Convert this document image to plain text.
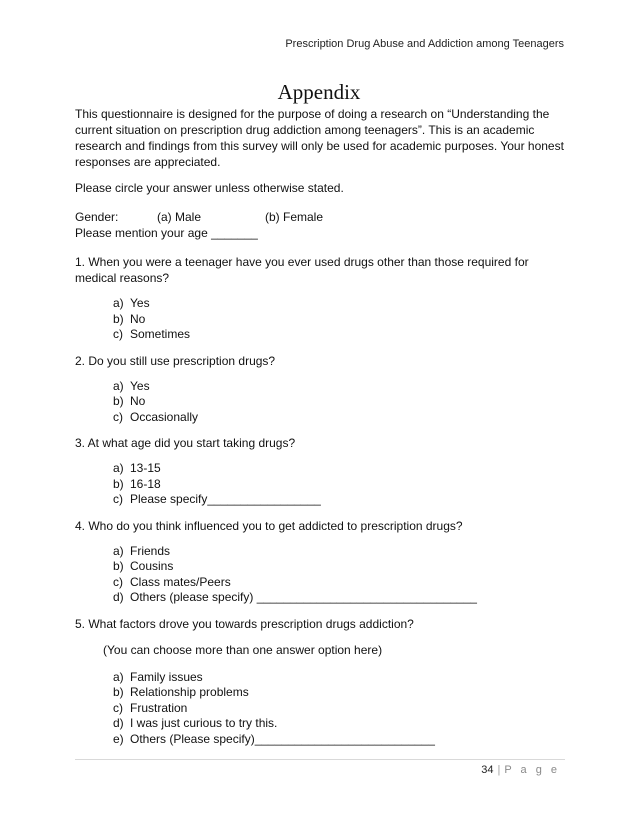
Prescription Drug Abuse and Addiction among Teenagers
Appendix

This questionnaire is designed for the purpose of doing a research on “Understanding the current situation on prescription drug addiction among teenagers”. This is an academic research and findings from this survey will only be used for academic purposes. Your honest responses are appreciated.

Please circle your answer unless otherwise stated.

Gender:	(a) Male	(b) Female

Please mention your age _______

1. When you were a teenager have you ever used drugs other than those required for medical reasons?

a) Yes
b) No
c) Sometimes

2. Do you still use prescription drugs?

a) Yes
b) No
c) Occasionally

3. At what age did you start taking drugs?

a) 13-15
b) 16-18
c) Please specify_________________

4. Who do you think influenced you to get addicted to prescription drugs?

a) Friends
b) Cousins
c) Class mates/Peers
d) Others (please specify) _________________________________

5. What factors drove you towards prescription drugs addiction?

(You can choose more than one answer option here)

a) Family issues
b) Relationship problems
c) Frustration
d) I was just curious to try this.
e) Others (Please specify)___________________________
34 | P a g e
